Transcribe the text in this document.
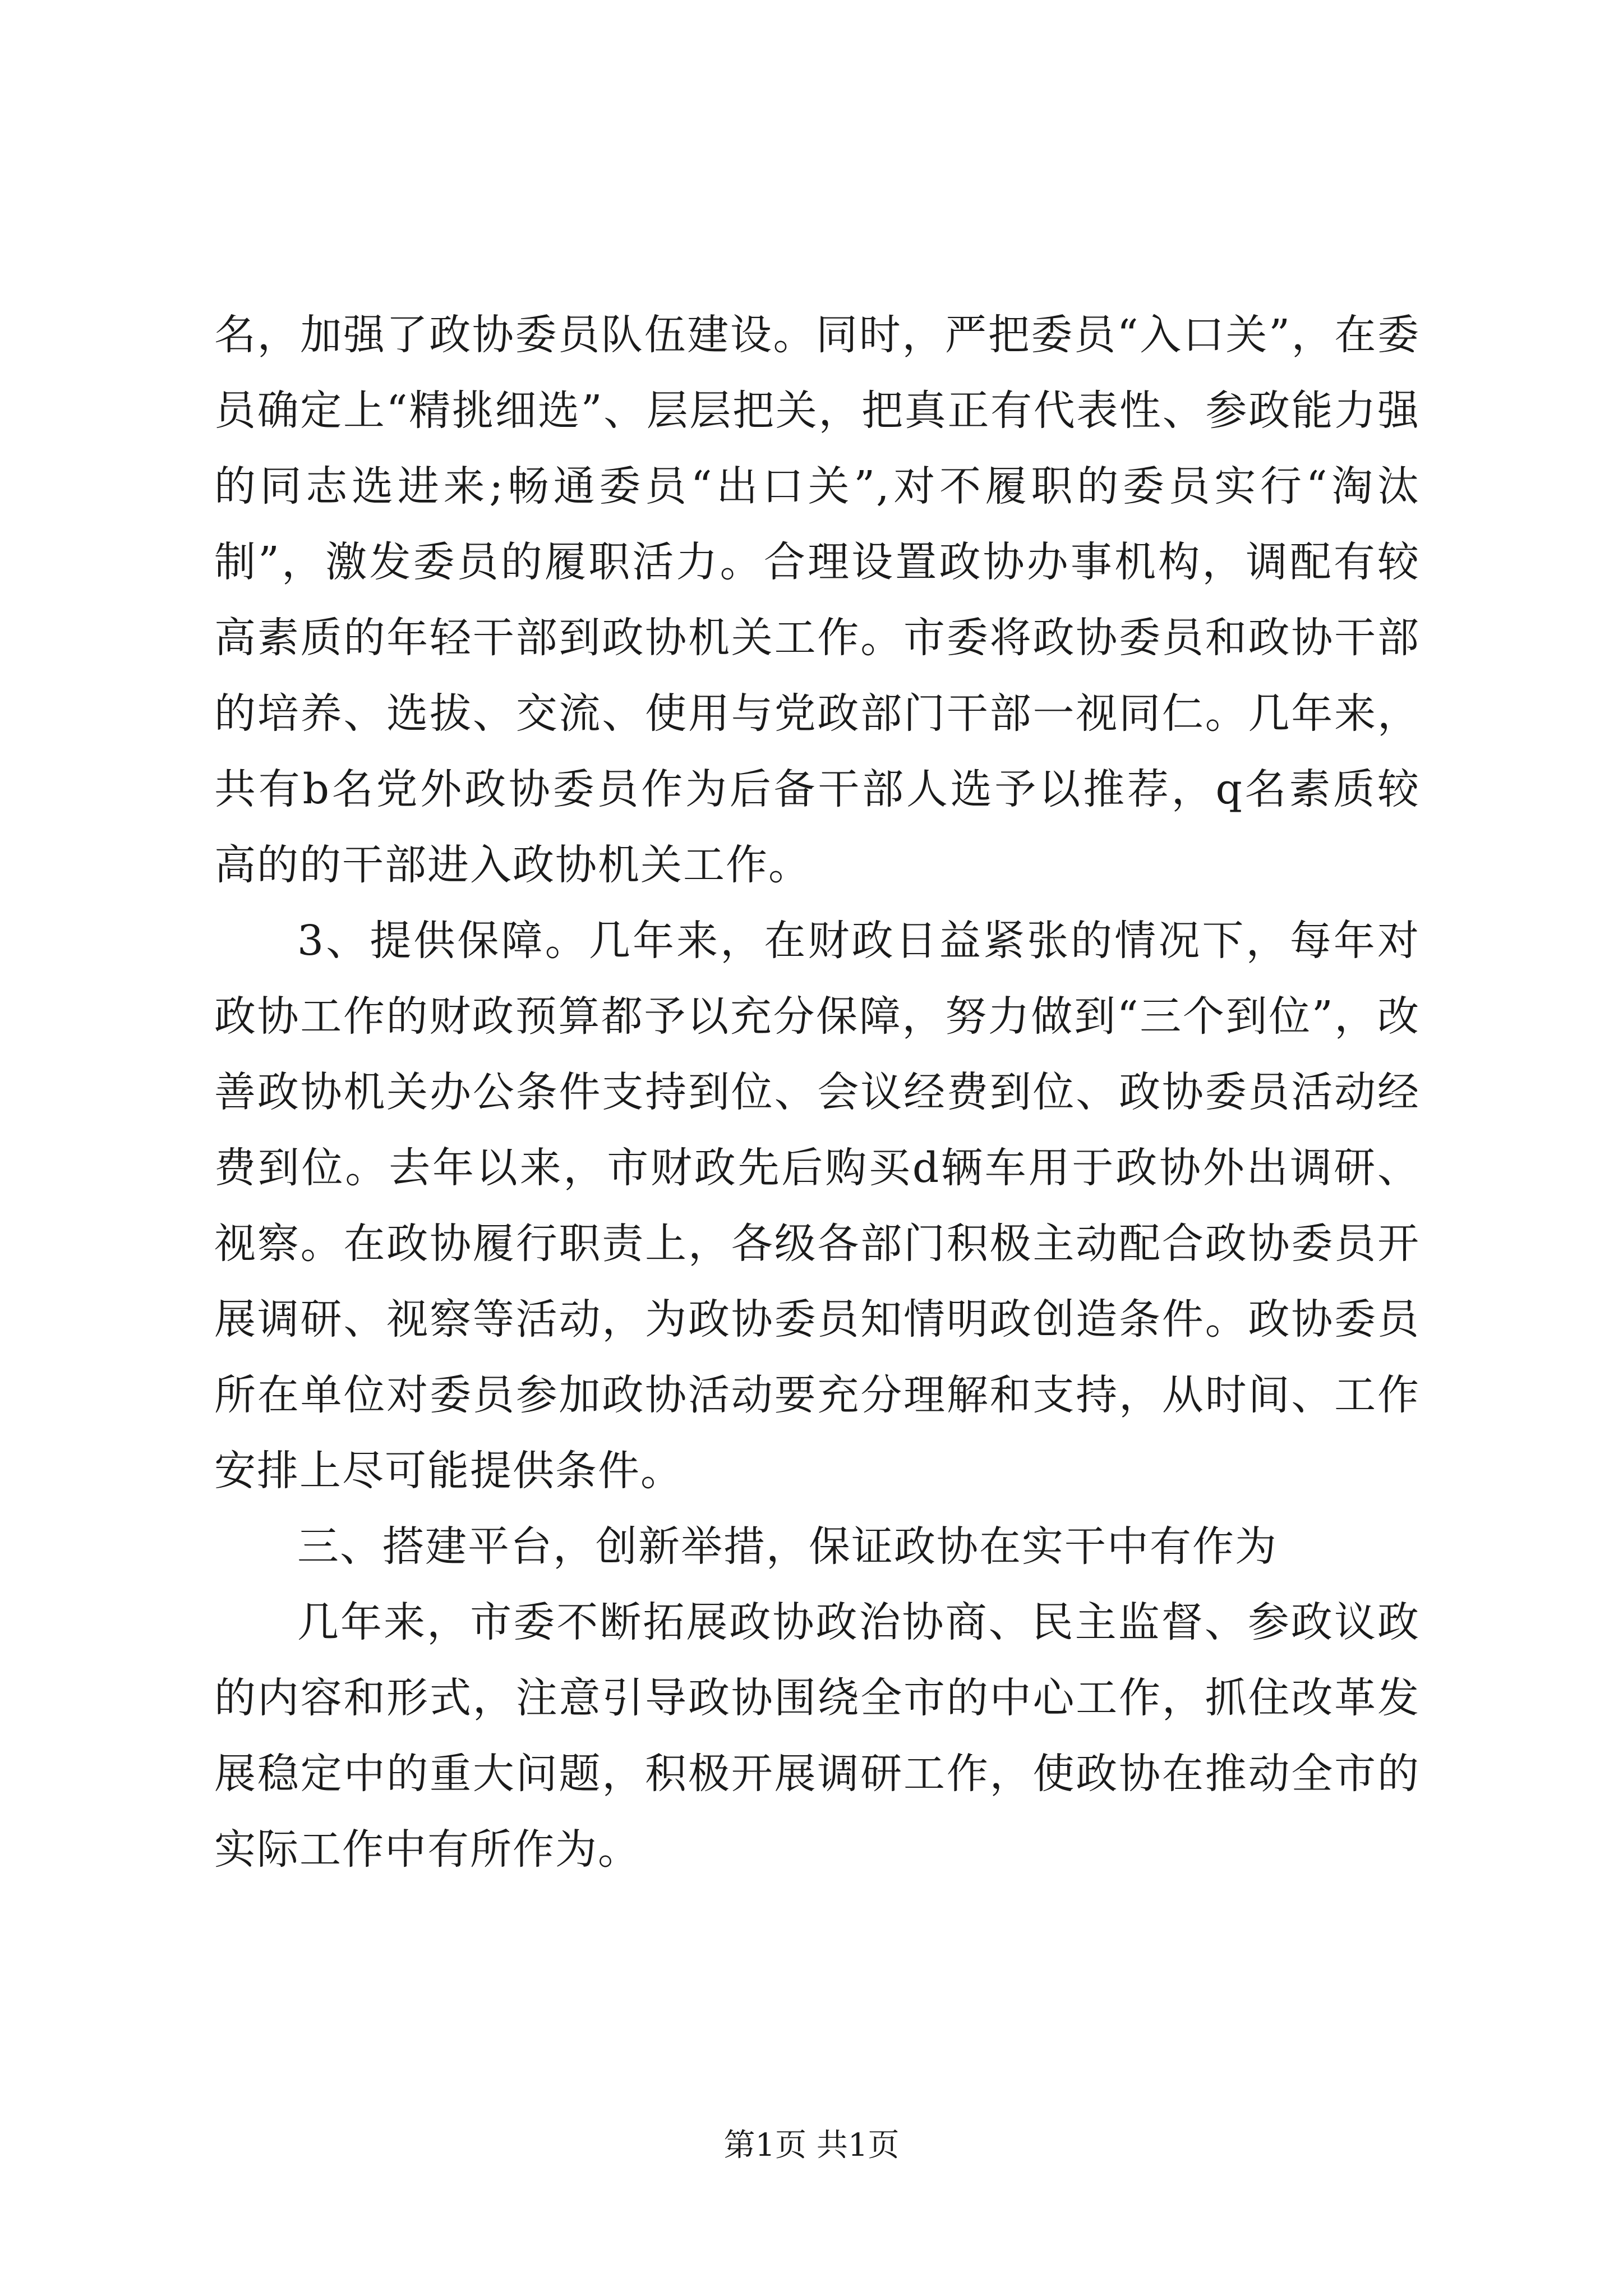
名，加强了政协委员队伍建设。同时，严把委员“入口关”，在委员确定上“精挑细选”、层层把关，把真正有代表性、参政能力强的同志选进来;畅通委员“出口关”,对不履职的委员实行“淘汰制”，激发委员的履职活力。合理设置政协办事机构，调配有较高素质的年轻干部到政协机关工作。市委将政协委员和政协干部的培养、选拔、交流、使用与党政部门干部一视同仁。几年来，共有b名党外政协委员作为后备干部人选予以推荐，q名素质较高的的干部进入政协机关工作。

3、提供保障。几年来，在财政日益紧张的情况下，每年对政协工作的财政预算都予以充分保障，努力做到“三个到位”，改善政协机关办公条件支持到位、会议经费到位、政协委员活动经费到位。去年以来，市财政先后购买d辆车用于政协外出调研、视察。在政协履行职责上，各级各部门积极主动配合政协委员开展调研、视察等活动，为政协委员知情明政创造条件。政协委员所在单位对委员参加政协活动要充分理解和支持，从时间、工作安排上尽可能提供条件。

三、搭建平台，创新举措，保证政协在实干中有作为

几年来，市委不断拓展政协政治协商、民主监督、参政议政的内容和形式，注意引导政协围绕全市的中心工作，抓住改革发展稳定中的重大问题，积极开展调研工作，使政协在推动全市的实际工作中有所作为。

第1页 共1页
